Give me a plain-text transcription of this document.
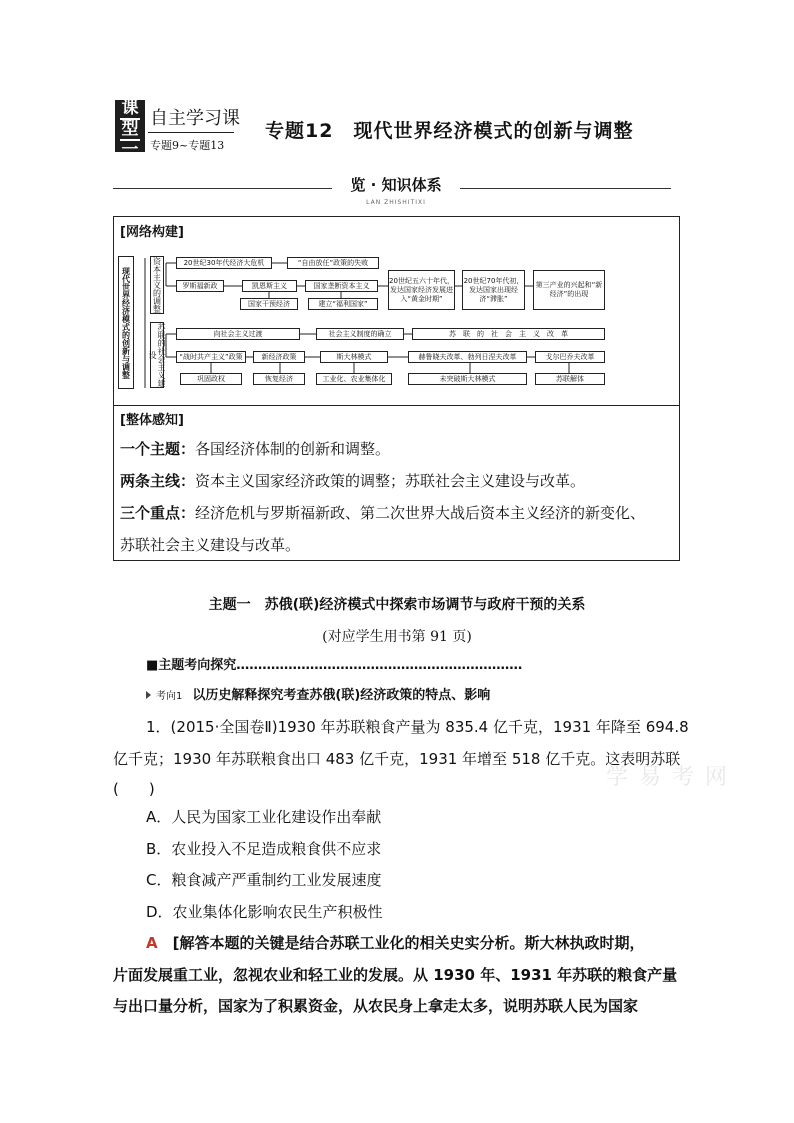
课
型
一
自主学习课
专题9~专题13
专题12　现代世界经济模式的创新与调整
览 · 知识体系
LAN ZHISHITIXI
[网络构建]
现代世界经济模式的创新与调整	资本主义的调整
苏联的社会主义建设
20世纪30年代经济大危机	“自由放任”政策的失败
罗斯福新政	凯恩斯主义	国家垄断资本主义
国家干预经济	建立“福利国家”
20世纪五六十年代，发达国家经济发展进入“黄金时期”
20世纪70年代初，发达国家出现经济“滞胀”
第三产业的兴起和“新经济”的出现
向社会主义过渡	社会主义制度的确立	苏　联　的　社　会　主　义　改　革
“战时共产主义”政策	新经济政策	斯大林模式	赫鲁晓夫改革、勃列日涅夫改革	戈尔巴乔夫改革
巩固政权	恢复经济	工业化、农业集体化	未突破斯大林模式	苏联解体
[整体感知]
一个主题：各国经济体制的创新和调整。
两条主线：资本主义国家经济政策的调整；苏联社会主义建设与改革。
三个重点：经济危机与罗斯福新政、第二次世界大战后资本主义经济的新变化、
苏联社会主义建设与改革。
主题一　苏俄(联)经济模式中探索市场调节与政府干预的关系
(对应学生用书第 91 页)
■主题考向探究…………………………………………………………
考向1 以历史解释探究考查苏俄(联)经济政策的特点、影响
1．(2015·全国卷Ⅱ)1930 年苏联粮食产量为 835.4 亿千克，1931 年降至 694.8
亿千克；1930 年苏联粮食出口 483 亿千克，1931 年增至 518 亿千克。这表明苏联
(　　)
A．人民为国家工业化建设作出奉献
B．农业投入不足造成粮食供不应求
C．粮食减产严重制约工业发展速度
D．农业集体化影响农民生产积极性
A　 [解答本题的关键是结合苏联工业化的相关史实分析。斯大林执政时期，
片面发展重工业，忽视农业和轻工业的发展。从 1930 年、1931 年苏联的粮食产量
与出口量分析，国家为了积累资金，从农民身上拿走太多，说明苏联人民为国家
学 易 考 网
